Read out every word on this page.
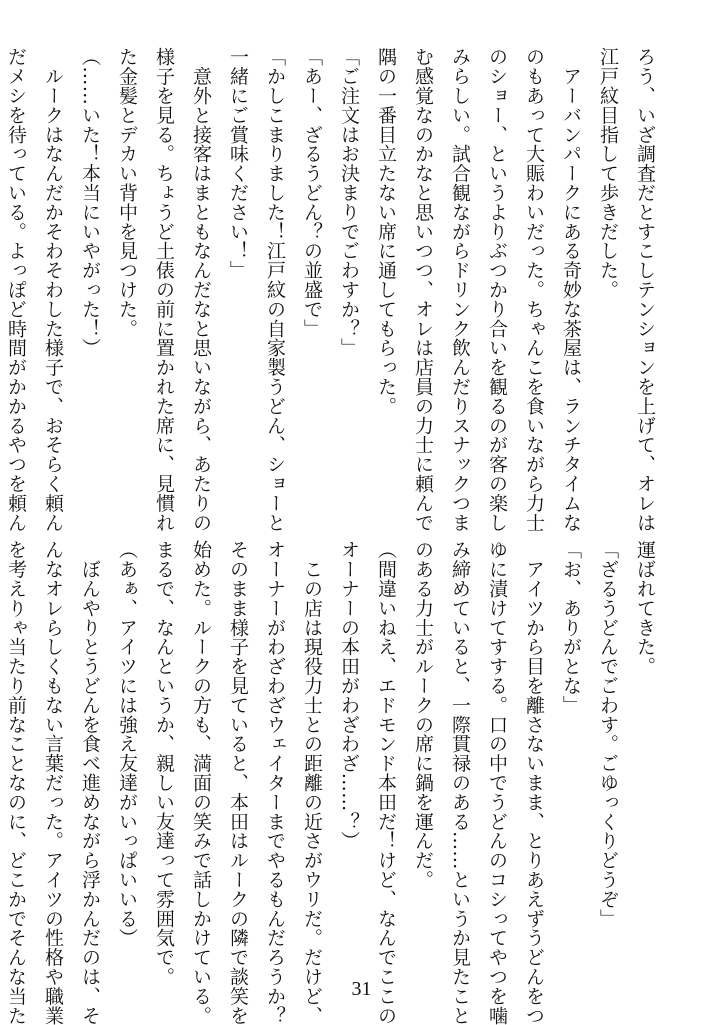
ろう、いざ調査だとすこしテンションを上げて、オレは
江戸紋目指して歩きだした。
　アーバンパークにある奇妙な茶屋は、ランチタイムな
のもあって大賑わいだった。ちゃんこを食いながら力士
のショー、というよりぶつかり合いを観るのが客の楽し
みらしい。試合観ながらドリンク飲んだりスナックつま
む感覚なのかなと思いつつ、オレは店員の力士に頼んで
隅の一番目立たない席に通してもらった。
「ご注文はお決まりでごわすか？」
「あー、ざるうどん？の並盛で」
「かしこまりました！江戸紋の自家製うどん、ショーと
一緒にご賞味ください！」
　意外と接客はまともなんだなと思いながら、あたりの
様子を見る。ちょうど土俵の前に置かれた席に、見慣れ
た金髪とデカい背中を見つけた。
（……いた！本当にいやがった！）
　ルークはなんだかそわそわした様子で、おそらく頼ん
だメシを待っている。よっぽど時間がかかるやつを頼ん
運ばれてきた。
「ざるうどんでごわす。ごゆっくりどうぞ」
「お、ありがとな」
　アイツから目を離さないまま、とりあえずうどんをつ
ゆに漬けてすする。口の中でうどんのコシってやつを噛
み締めていると、一際貫禄のある……というか見たこと
のある力士がルークの席に鍋を運んだ。
（間違いねえ、エドモンド本田だ！けど、なんでここの
オーナーの本田がわざわざ……？）
　この店は現役力士との距離の近さがウリだ。だけど、
オーナーがわざわざウェイターまでやるもんだろうか？
そのまま様子を見ていると、本田はルークの隣で談笑を
始めた。ルークの方も、満面の笑みで話しかけている。
まるで、なんというか、親しい友達って雰囲気で。
（あぁ、アイツには強え友達がいっぱいいる）
　ぼんやりとうどんを食べ進めながら浮かんだのは、そ
んなオレらしくもない言葉だった。アイツの性格や職業
を考えりゃ当たり前なことなのに、どこかでそんな当た	31
